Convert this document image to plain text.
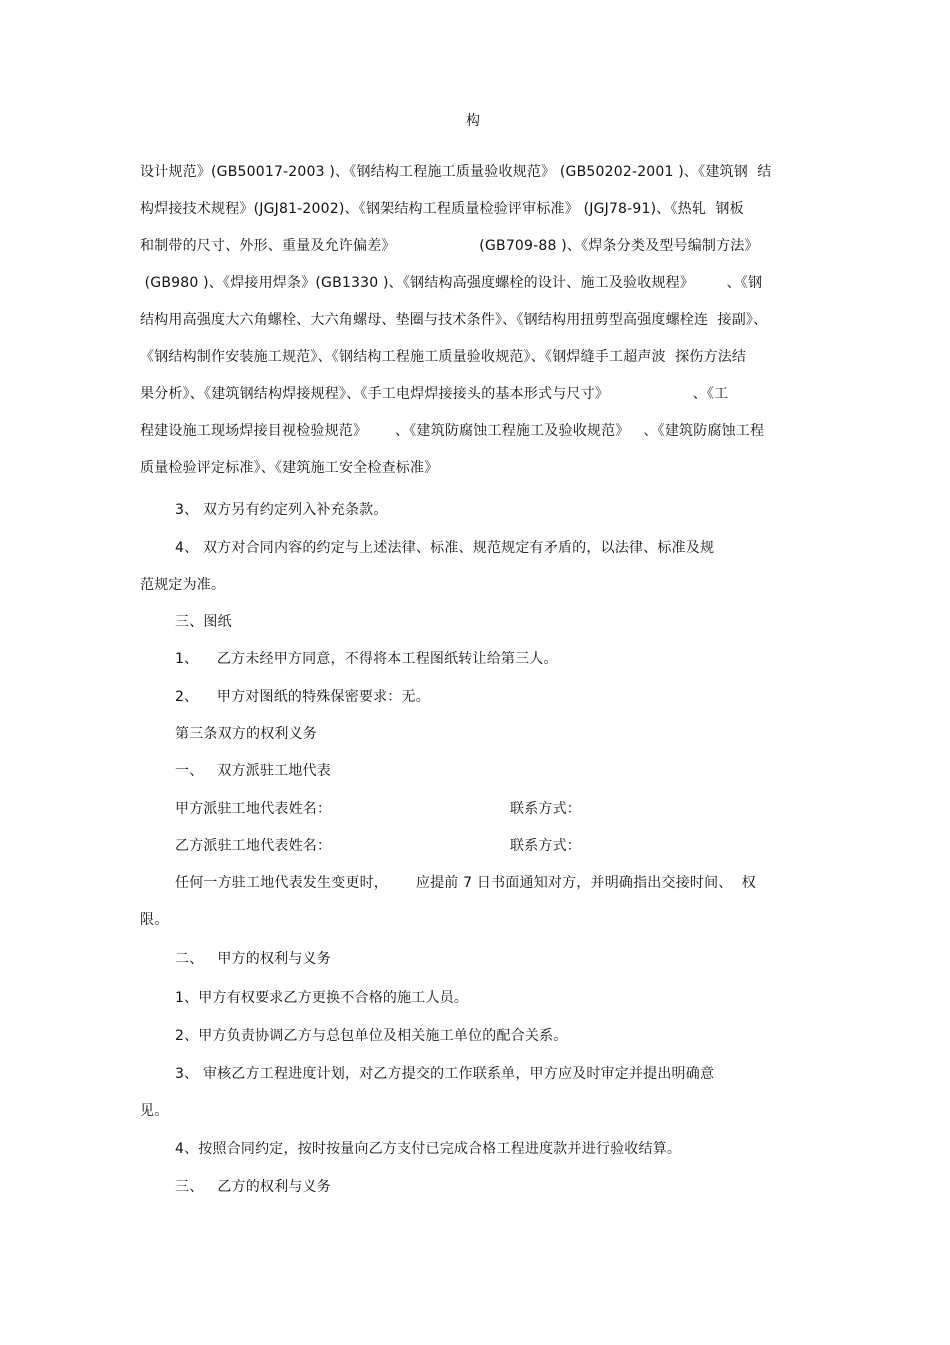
构
设计规范》(GB50017-2003 )、《钢结构工程施工质量验收规范》 (GB50202-2001 )、《建筑钢  结
构焊接技术规程》(JGJ81-2002)、《钢架结构工程质量检验评审标准》 (JGJ78-91)、《热轧  钢板
和制带的尺寸、外形、重量及允许偏差》                  (GB709-88 )、《焊条分类及型号编制方法》
(GB980 )、《焊接用焊条》(GB1330 )、《钢结构高强度螺栓的设计、施工及验收规程》       、《钢
结构用高强度大六角螺栓、大六角螺母、垫圈与技术条件》、《钢结构用扭剪型高强度螺栓连  接副》、
《钢结构制作安装施工规范》、《钢结构工程施工质量验收规范》、《钢焊缝手工超声波  探伤方法结
果分析》、《建筑钢结构焊接规程》、《手工电焊焊接接头的基本形式与尺寸》                  、《工
程建设施工现场焊接目视检验规范》      、《建筑防腐蚀工程施工及验收规范》   、《建筑防腐蚀工程
质量检验评定标准》、《建筑施工安全检查标准》
3、 双方另有约定列入补充条款。
4、 双方对合同内容的约定与上述法律、标准、规范规定有矛盾的，以法律、标准及规
范规定为准。
三、图纸
1、    乙方未经甲方同意，不得将本工程图纸转让给第三人。
2、    甲方对图纸的特殊保密要求：无。
第三条双方的权利义务
一、   双方派驻工地代表
甲方派驻工地代表姓名：	联系方式：
乙方派驻工地代表姓名：	联系方式：
任何一方驻工地代表发生变更时，      应提前 7 日书面通知对方，并明确指出交接时间、  权
限。
二、   甲方的权利与义务
1、甲方有权要求乙方更换不合格的施工人员。
2、甲方负责协调乙方与总包单位及相关施工单位的配合关系。
3、 审核乙方工程进度计划，对乙方提交的工作联系单，甲方应及时审定并提出明确意
见。
4、按照合同约定，按时按量向乙方支付已完成合格工程进度款并进行验收结算。
三、   乙方的权利与义务
